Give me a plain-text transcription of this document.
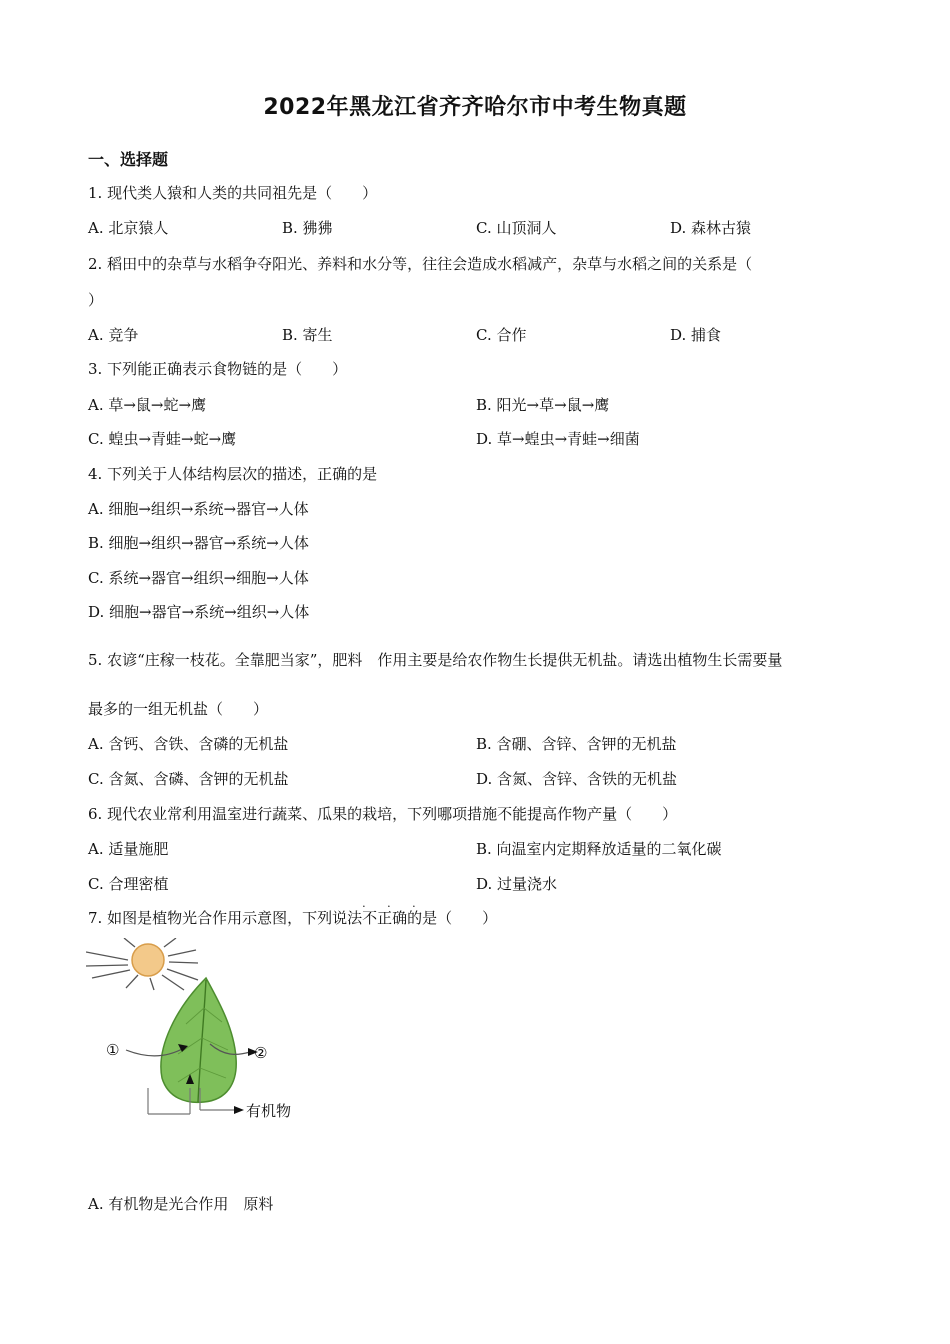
2022年黑龙江省齐齐哈尔市中考生物真题
一、选择题
1. 现代类人猿和人类的共同祖先是（　　）
A. 北京猿人	B. 狒狒	C. 山顶洞人	D. 森林古猿
2. 稻田中的杂草与水稻争夺阳光、养料和水分等，往往会造成水稻减产，杂草与水稻之间的关系是（
）
A. 竞争	B. 寄生	C. 合作	D. 捕食
3. 下列能正确表示食物链的是（　　）
A. 草→鼠→蛇→鹰	B. 阳光→草→鼠→鹰
C. 蝗虫→青蛙→蛇→鹰	D. 草→蝗虫→青蛙→细菌
4. 下列关于人体结构层次的描述，正确的是
A. 细胞→组织→系统→器官→人体
B. 细胞→组织→器官→系统→人体
C. 系统→器官→组织→细胞→人体
D. 细胞→器官→系统→组织→人体
5. 农谚“庄稼一枝花。全靠肥当家”，肥料　作用主要是给农作物生长提供无机盐。请选出植物生长需要量
最多的一组无机盐（　　）
A. 含钙、含铁、含磷的无机盐	B. 含硼、含锌、含钾的无机盐
C. 含氮、含磷、含钾的无机盐	D. 含氮、含锌、含铁的无机盐
6. 现代农业常利用温室进行蔬菜、瓜果的栽培，下列哪项措施不能提高作物产量（　　）
A. 适量施肥	B. 向温室内定期释放适量的二氧化碳
C. 合理密植	D. 过量浇水
7. 如图是植物光合作用示意图，下列说法
· · ·
不正确的是（　　）
①	②
有机物
A. 有机物是光合作用　原料
